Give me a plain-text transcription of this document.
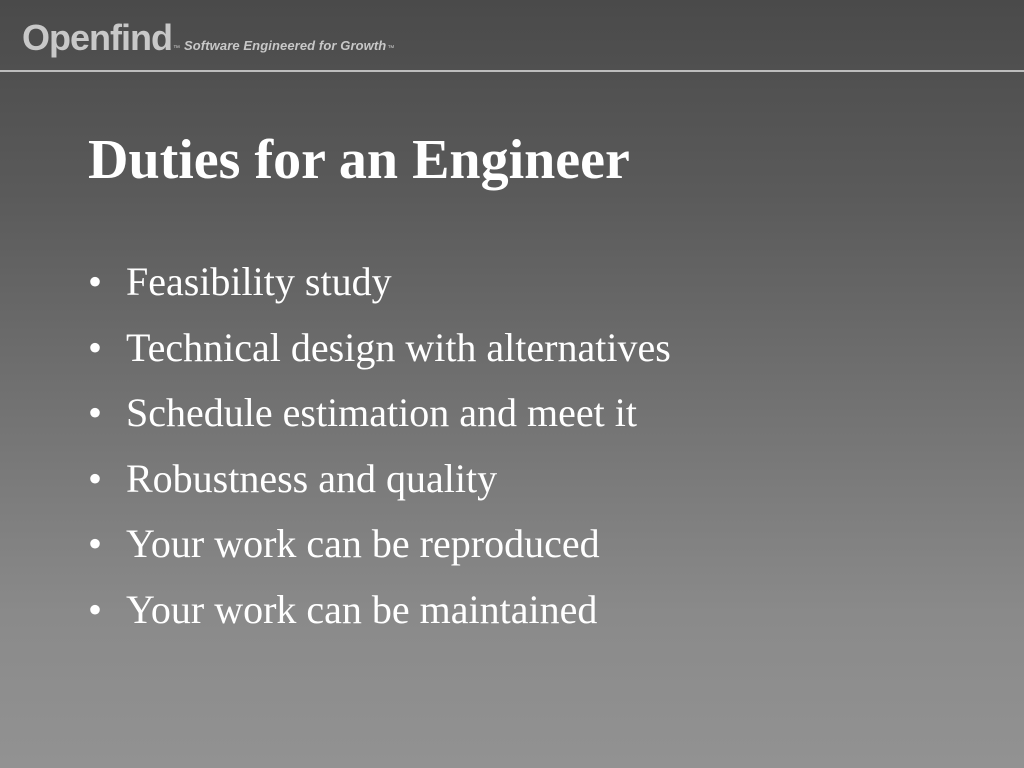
Openfind ™ Software Engineered for Growth ™
Duties for an Engineer
• Feasibility study
• Technical design with alternatives
• Schedule estimation and meet it
• Robustness and quality
• Your work can be reproduced
• Your work can be maintained
